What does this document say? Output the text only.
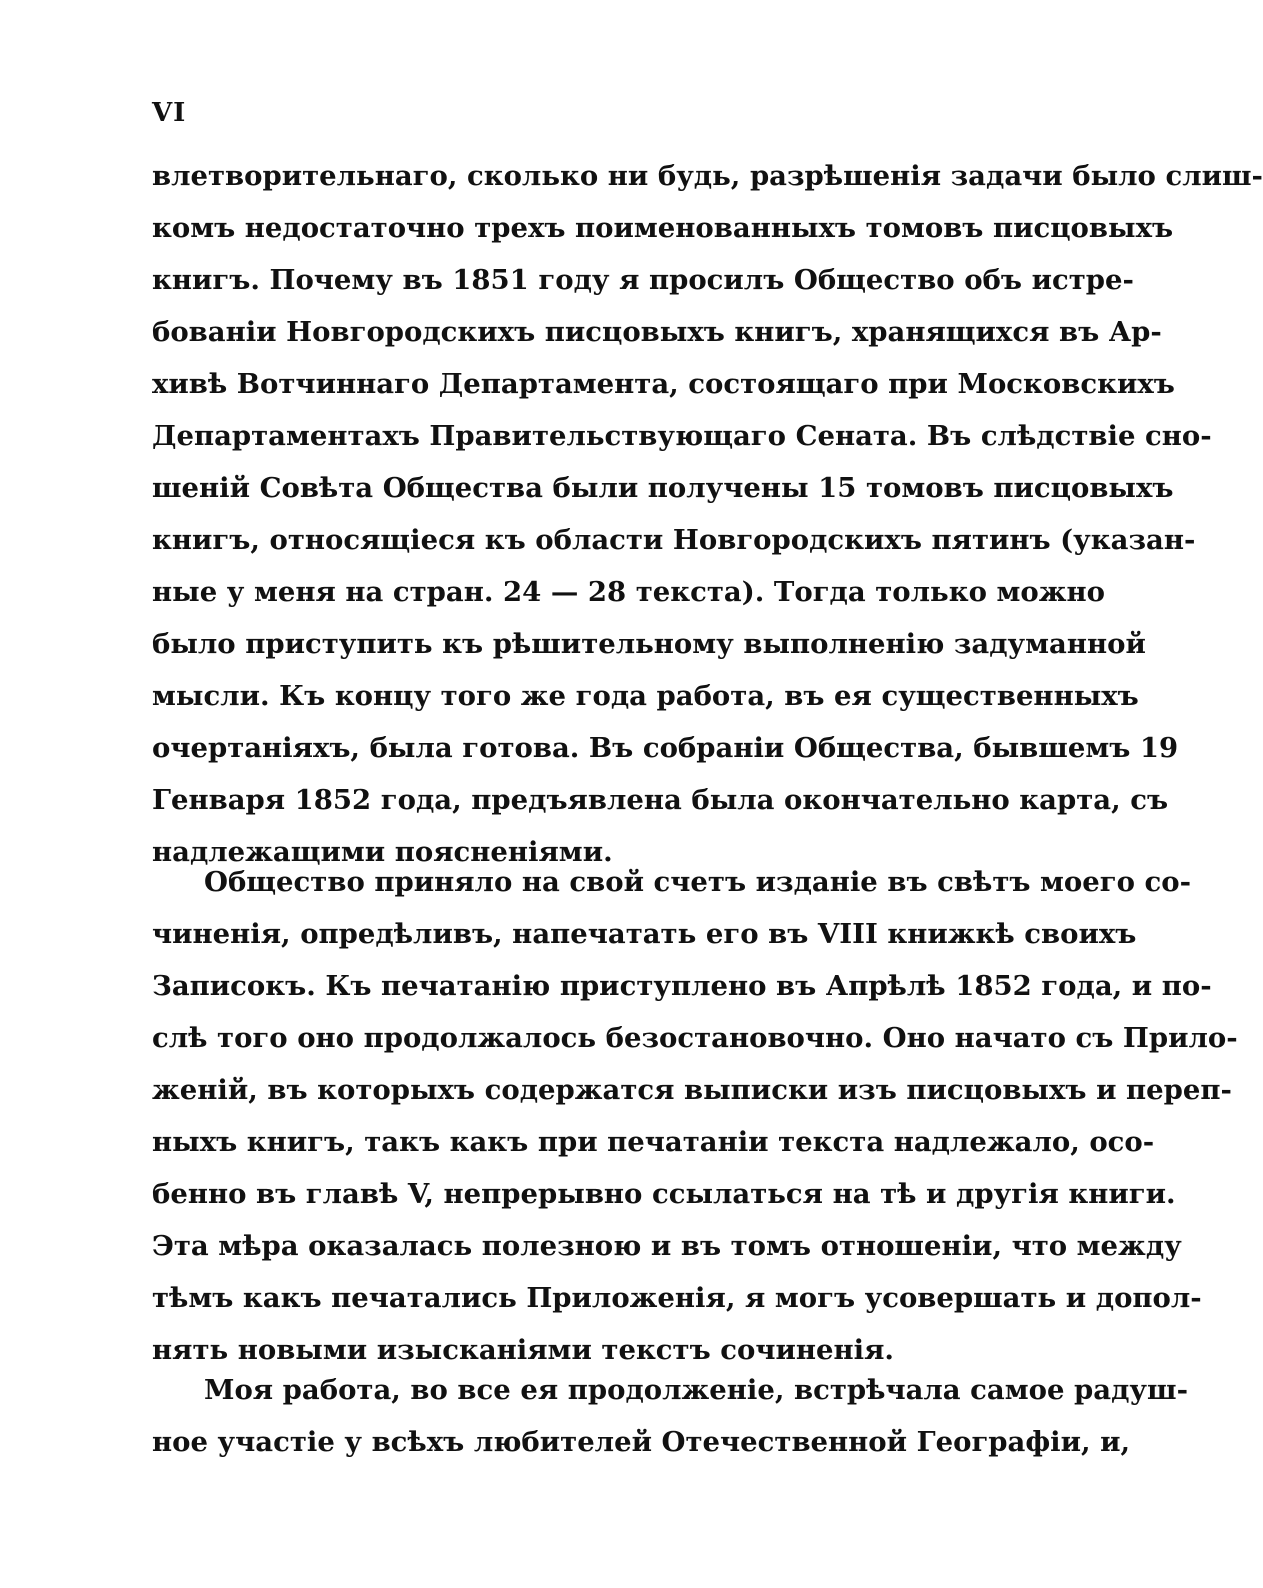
VI
влетворительнаго, сколько ни будь, разрѣшенія задачи было слиш-
комъ недостаточно трехъ поименованныхъ томовъ писцовыхъ
книгъ. Почему въ 1851 году я просилъ Общество объ истре-
бованіи Новгородскихъ писцовыхъ книгъ, хранящихся въ Ар-
хивѣ Вотчиннаго Департамента, состоящаго при Московскихъ
Департаментахъ Правительствующаго Сената. Въ слѣдствіе сно-
шеній Совѣта Общества были получены 15 томовъ писцовыхъ
книгъ, относящіеся къ области Новгородскихъ пятинъ (указан-
ные у меня на стран. 24 — 28 текста). Тогда только можно
было приступить къ рѣшительному выполненію задуманной
мысли. Къ концу того же года работа, въ ея существенныхъ
очертаніяхъ, была готова. Въ собраніи Общества, бывшемъ 19
Генваря 1852 года, предъявлена была окончательно карта, съ
надлежащими поясненіями.
Общество приняло на свой счетъ изданіе въ свѣтъ моего со-
чиненія, опредѣливъ, напечатать его въ VIII книжкѣ своихъ
Записокъ. Къ печатанію приступлено въ Апрѣлѣ 1852 года, и по-
слѣ того оно продолжалось безостановочно. Оно начато съ Прило-
женій, въ которыхъ содержатся выписки изъ писцовыхъ и переп-
ныхъ книгъ, такъ какъ при печатаніи текста надлежало, осо-
бенно въ главѣ V, непрерывно ссылаться на тѣ и другія книги.
Эта мѣра оказалась полезною и въ томъ отношеніи, что между
тѣмъ какъ печатались Приложенія, я могъ усовершать и допол-
нять новыми изысканіями текстъ сочиненія.
Моя работа, во все ея продолженіе, встрѣчала самое радуш-
ное участіе у всѣхъ любителей Отечественной Географіи, и,
